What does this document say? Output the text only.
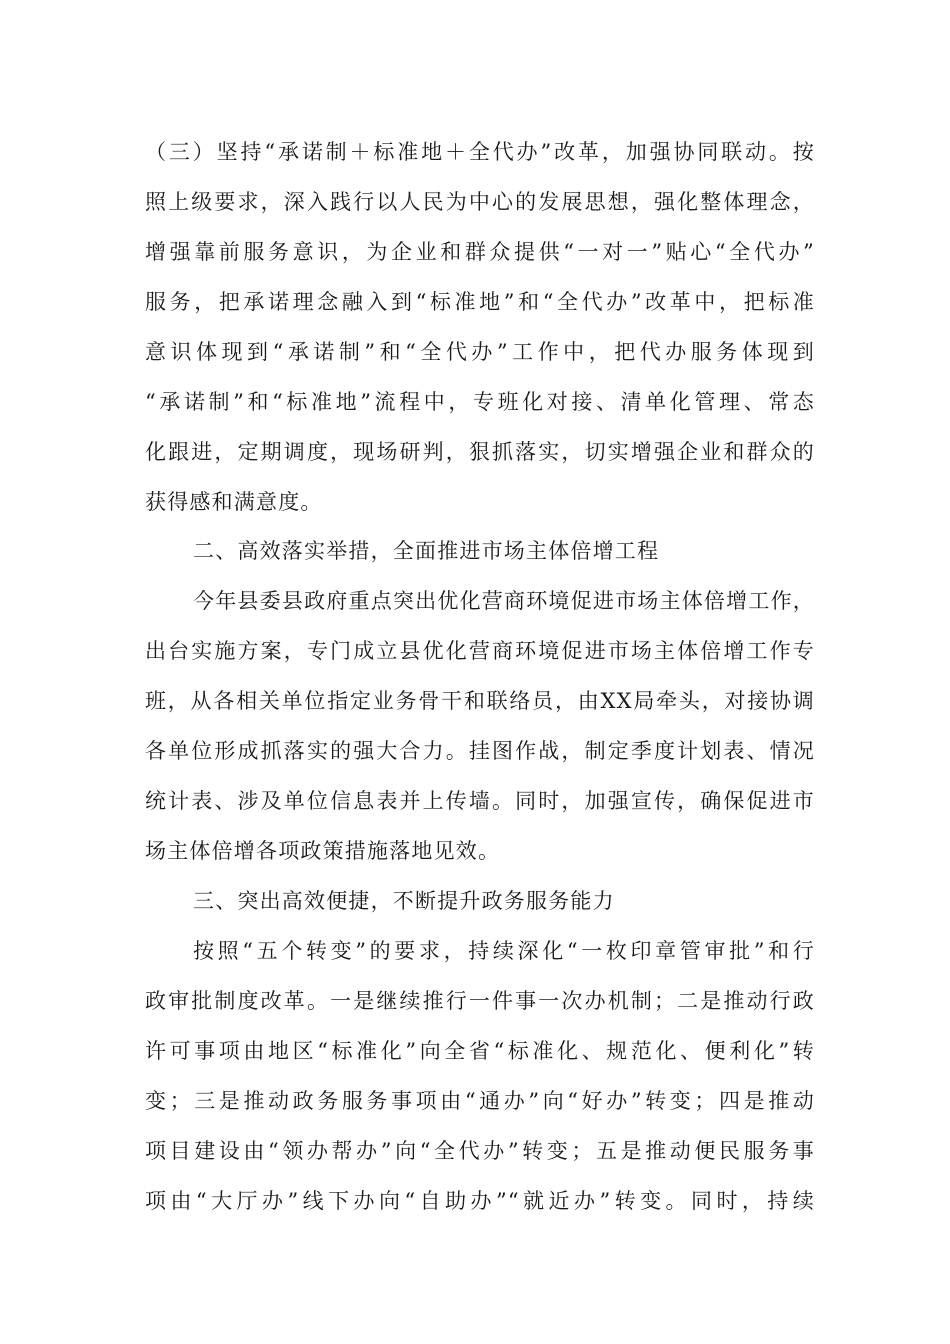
（三）坚持“承诺制＋标准地＋全代办”改革，加强协同联动。按
照上级要求，深入践行以人民为中心的发展思想，强化整体理念，
增强靠前服务意识，为企业和群众提供“一对一”贴心“全代办”
服务，把承诺理念融入到“标准地”和“全代办”改革中，把标准
意识体现到“承诺制”和“全代办”工作中，把代办服务体现到
“承诺制”和“标准地”流程中，专班化对接、清单化管理、常态
化跟进，定期调度，现场研判，狠抓落实，切实增强企业和群众的
获得感和满意度。
二、高效落实举措，全面推进市场主体倍增工程
今年县委县政府重点突出优化营商环境促进市场主体倍增工作，
出台实施方案，专门成立县优化营商环境促进市场主体倍增工作专
班，从各相关单位指定业务骨干和联络员，由XX局牵头，对接协调
各单位形成抓落实的强大合力。挂图作战，制定季度计划表、情况
统计表、涉及单位信息表并上传墙。同时，加强宣传，确保促进市
场主体倍增各项政策措施落地见效。
三、突出高效便捷，不断提升政务服务能力
按照“五个转变”的要求，持续深化“一枚印章管审批”和行
政审批制度改革。一是继续推行一件事一次办机制；二是推动行政
许可事项由地区“标准化”向全省“标准化、规范化、便利化”转
变；三是推动政务服务事项由“通办”向“好办”转变；四是推动
项目建设由“领办帮办”向“全代办”转变；五是推动便民服务事
项由“大厅办”线下办向“自助办”“就近办”转变。同时，持续
